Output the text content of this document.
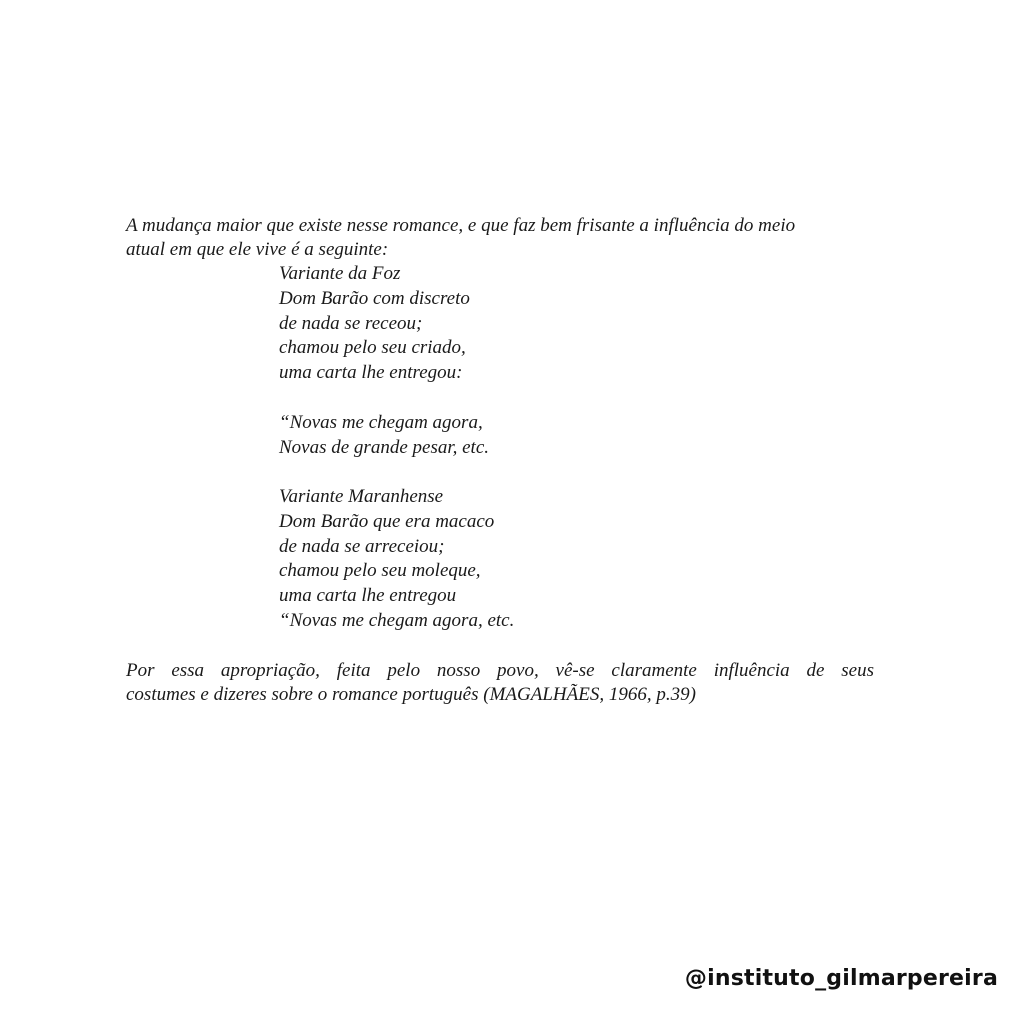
A mudança maior que existe nesse romance, e que faz bem frisante a influência do meio
atual em que ele vive é a seguinte:
Variante da Foz
Dom Barão com discreto
de nada se receou;
chamou pelo seu criado,
uma carta lhe entregou:
“Novas me chegam agora,
Novas de grande pesar, etc.
Variante Maranhense
Dom Barão que era macaco
de nada se arreceiou;
chamou pelo seu moleque,
uma carta lhe entregou
“Novas me chegam agora, etc.
Por essa apropriação, feita pelo nosso povo, vê-se claramente influência de seus
costumes e dizeres sobre o romance português (MAGALHÃES, 1966, p.39)
@instituto_gilmarpereira
